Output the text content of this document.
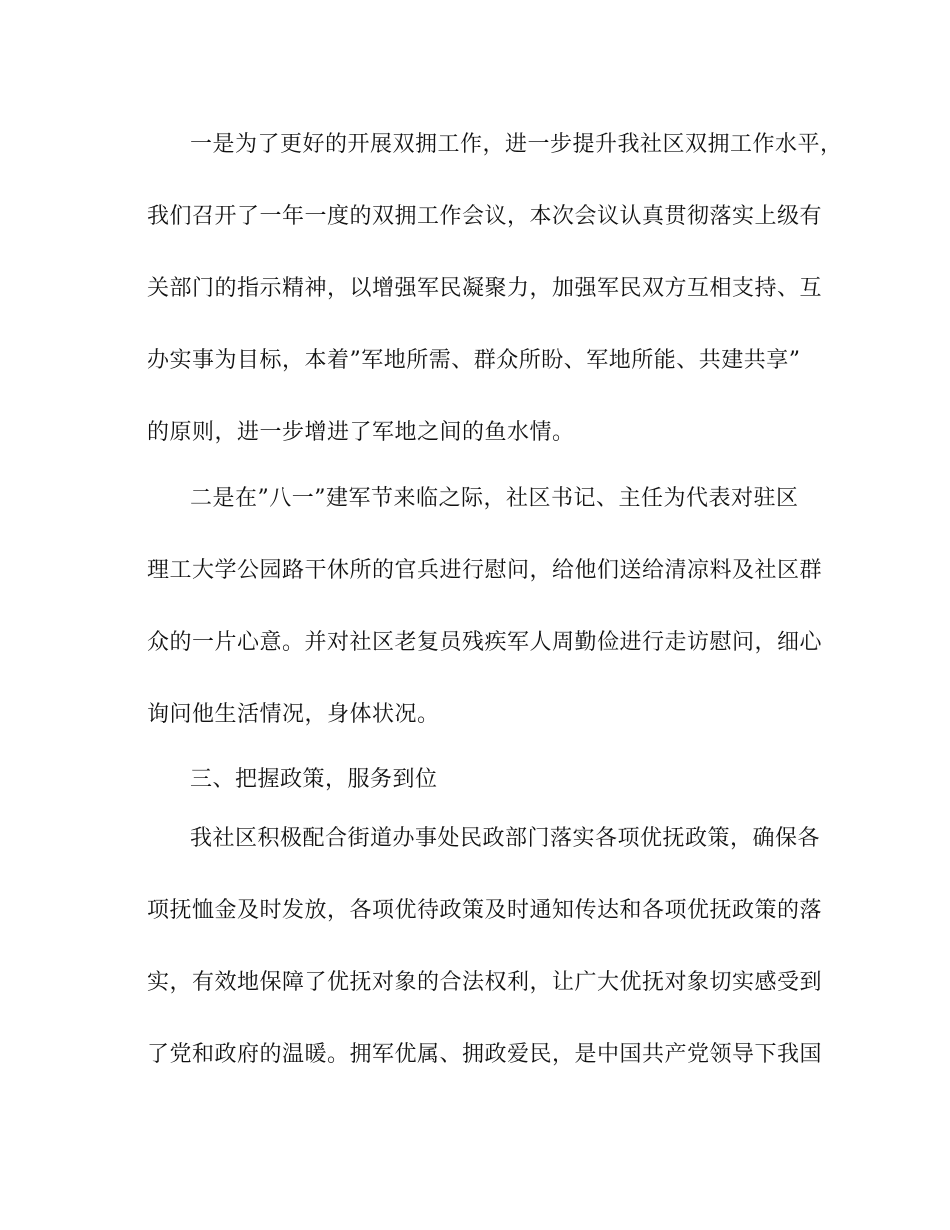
一是为了更好的开展双拥工作，进一步提升我社区双拥工作水平，
我们召开了一年一度的双拥工作会议，本次会议认真贯彻落实上级有
关部门的指示精神，以增强军民凝聚力，加强军民双方互相支持、互
办实事为目标，本着”军地所需、群众所盼、军地所能、共建共享”
的原则，进一步增进了军地之间的鱼水情。
二是在”八一”建军节来临之际，社区书记、主任为代表对驻区
理工大学公园路干休所的官兵进行慰问，给他们送给清凉料及社区群
众的一片心意。并对社区老复员残疾军人周勤俭进行走访慰问，细心
询问他生活情况，身体状况。
三、把握政策，服务到位
我社区积极配合街道办事处民政部门落实各项优抚政策，确保各
项抚恤金及时发放，各项优待政策及时通知传达和各项优抚政策的落
实，有效地保障了优抚对象的合法权利，让广大优抚对象切实感受到
了党和政府的温暖。拥军优属、拥政爱民，是中国共产党领导下我国
